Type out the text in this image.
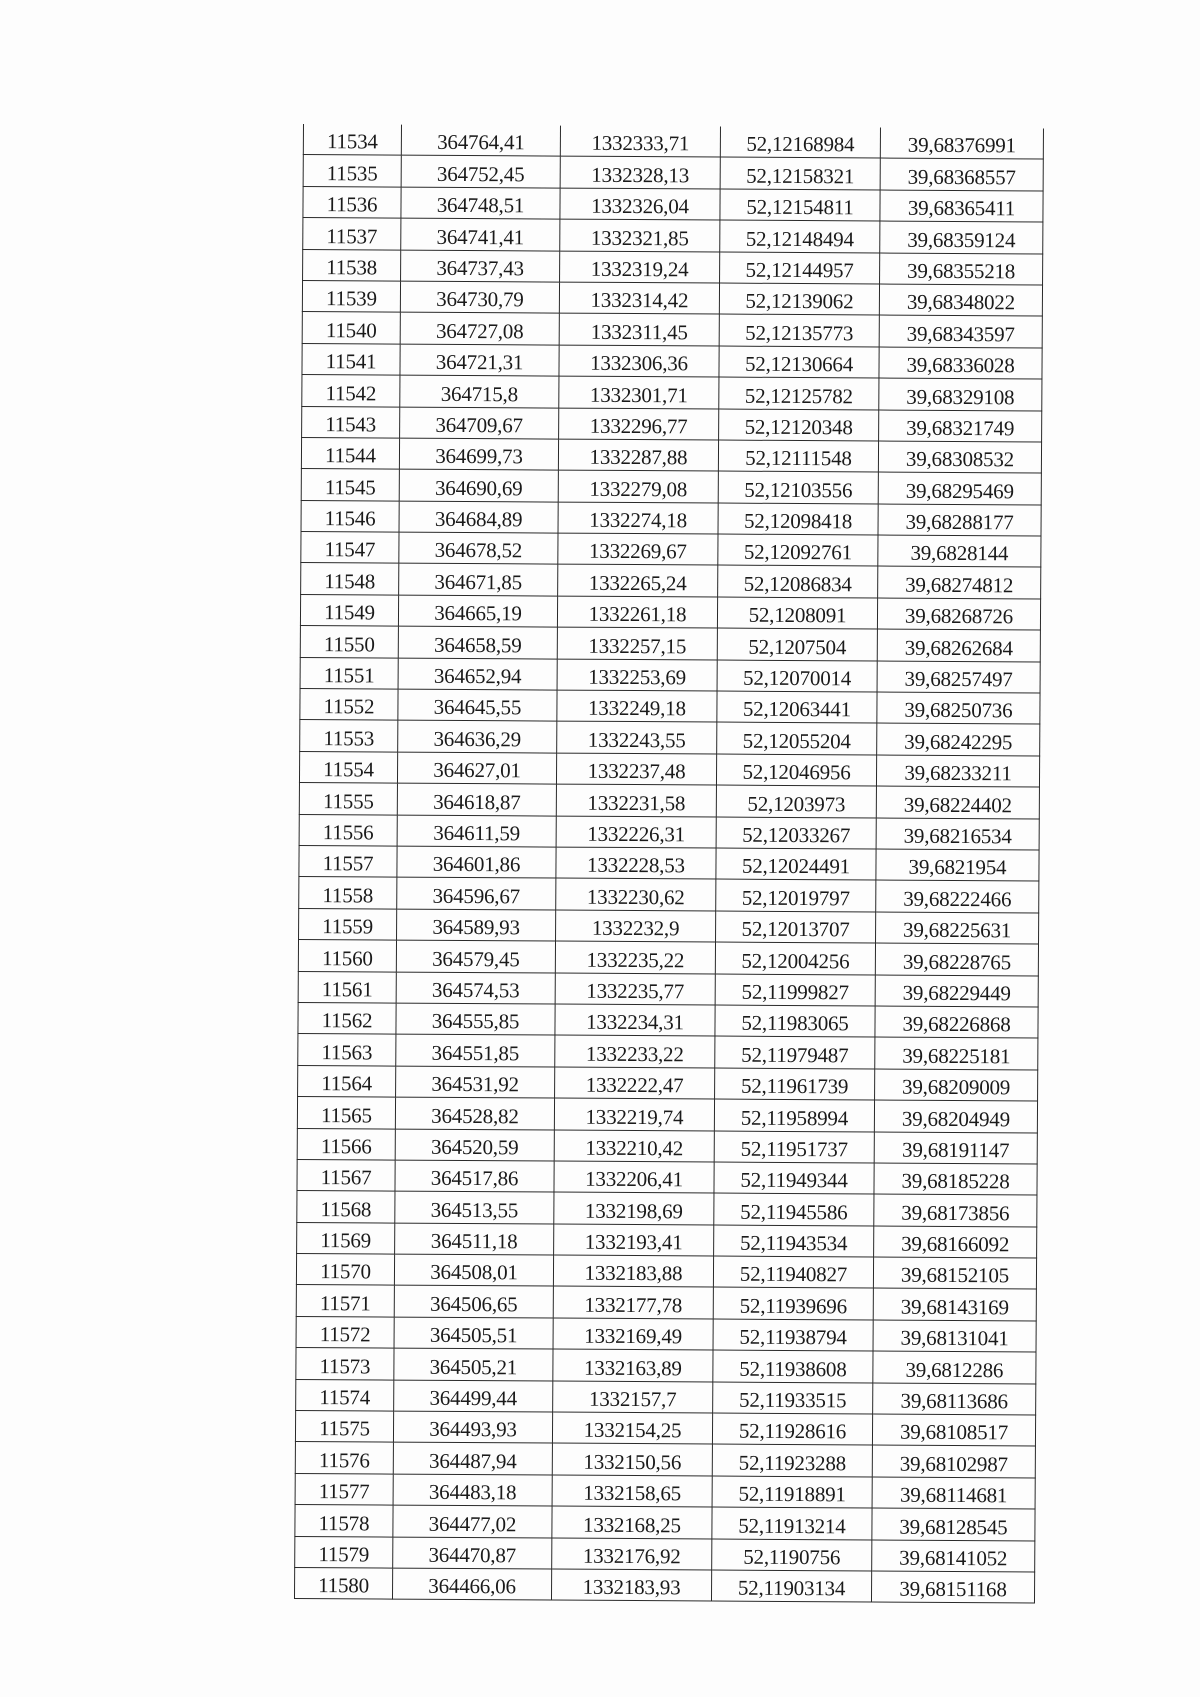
11534	364764,41	1332333,71	52,12168984	39,68376991
11535	364752,45	1332328,13	52,12158321	39,68368557
11536	364748,51	1332326,04	52,12154811	39,68365411
11537	364741,41	1332321,85	52,12148494	39,68359124
11538	364737,43	1332319,24	52,12144957	39,68355218
11539	364730,79	1332314,42	52,12139062	39,68348022
11540	364727,08	1332311,45	52,12135773	39,68343597
11541	364721,31	1332306,36	52,12130664	39,68336028
11542	364715,8	1332301,71	52,12125782	39,68329108
11543	364709,67	1332296,77	52,12120348	39,68321749
11544	364699,73	1332287,88	52,12111548	39,68308532
11545	364690,69	1332279,08	52,12103556	39,68295469
11546	364684,89	1332274,18	52,12098418	39,68288177
11547	364678,52	1332269,67	52,12092761	39,6828144
11548	364671,85	1332265,24	52,12086834	39,68274812
11549	364665,19	1332261,18	52,1208091	39,68268726
11550	364658,59	1332257,15	52,1207504	39,68262684
11551	364652,94	1332253,69	52,12070014	39,68257497
11552	364645,55	1332249,18	52,12063441	39,68250736
11553	364636,29	1332243,55	52,12055204	39,68242295
11554	364627,01	1332237,48	52,12046956	39,68233211
11555	364618,87	1332231,58	52,1203973	39,68224402
11556	364611,59	1332226,31	52,12033267	39,68216534
11557	364601,86	1332228,53	52,12024491	39,6821954
11558	364596,67	1332230,62	52,12019797	39,68222466
11559	364589,93	1332232,9	52,12013707	39,68225631
11560	364579,45	1332235,22	52,12004256	39,68228765
11561	364574,53	1332235,77	52,11999827	39,68229449
11562	364555,85	1332234,31	52,11983065	39,68226868
11563	364551,85	1332233,22	52,11979487	39,68225181
11564	364531,92	1332222,47	52,11961739	39,68209009
11565	364528,82	1332219,74	52,11958994	39,68204949
11566	364520,59	1332210,42	52,11951737	39,68191147
11567	364517,86	1332206,41	52,11949344	39,68185228
11568	364513,55	1332198,69	52,11945586	39,68173856
11569	364511,18	1332193,41	52,11943534	39,68166092
11570	364508,01	1332183,88	52,11940827	39,68152105
11571	364506,65	1332177,78	52,11939696	39,68143169
11572	364505,51	1332169,49	52,11938794	39,68131041
11573	364505,21	1332163,89	52,11938608	39,6812286
11574	364499,44	1332157,7	52,11933515	39,68113686
11575	364493,93	1332154,25	52,11928616	39,68108517
11576	364487,94	1332150,56	52,11923288	39,68102987
11577	364483,18	1332158,65	52,11918891	39,68114681
11578	364477,02	1332168,25	52,11913214	39,68128545
11579	364470,87	1332176,92	52,1190756	39,68141052
11580	364466,06	1332183,93	52,11903134	39,68151168
